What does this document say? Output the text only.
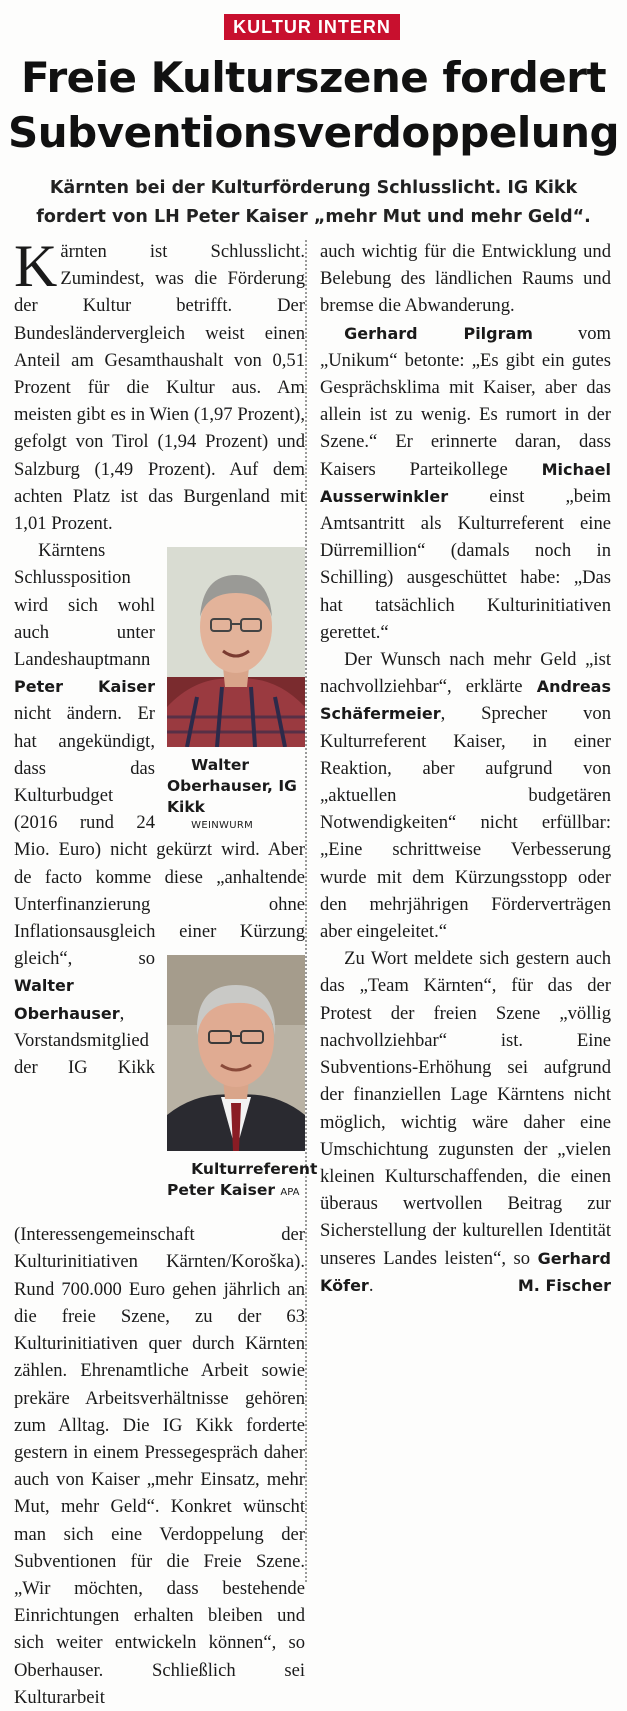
KULTUR INTERN
Freie Kulturszene fordert
Subventionsverdoppelung
Kärnten bei der Kulturförderung Schlusslicht. IG Kikk
fordert von LH Peter Kaiser „mehr Mut und mehr Geld“.

Kärnten ist Schlusslicht. Zumindest, was die Förderung der Kultur betrifft. Der Bundesländervergleich weist einen Anteil am Gesamthaushalt von 0,51 Prozent für die Kultur aus. Am meisten gibt es in Wien (1,97 Prozent), gefolgt von Tirol (1,94 Prozent) und Salzburg (1,49 Prozent). Auf dem achten Platz ist das Burgenland mit 1,01 Prozent.

Walter Oberhauser, IG Kikk
WEINWURM
Kärntens Schlussposition wird sich wohl auch unter Landeshauptmann Peter Kaiser nicht ändern. Er hat angekündigt, dass das Kulturbudget (2016 rund 24 Mio. Euro) nicht gekürzt wird. Aber de facto komme diese „anhaltende Unterfinanzierung ohne Inflationsausgleich einer Kürzung gleich“, so
Kulturreferent Peter Kaiser APA
Walter Oberhauser, Vorstandsmitglied der IG Kikk (Interessengemeinschaft der Kulturinitiativen Kärnten/Koroška). Rund 700.000 Euro gehen jährlich an die freie Szene, zu der 63 Kulturinitiativen quer durch Kärnten zählen. Ehrenamtliche Arbeit sowie prekäre Arbeitsverhältnisse gehören zum Alltag. Die IG Kikk forderte gestern in einem Pressegespräch daher auch von Kaiser „mehr Einsatz, mehr Mut, mehr Geld“. Konkret wünscht man sich eine Verdoppelung der Subventionen für die Freie Szene. „Wir möchten, dass bestehende Einrichtungen erhalten bleiben und sich weiter entwickeln können“, so Oberhauser. Schließlich sei Kulturarbeit

auch wichtig für die Entwicklung und Belebung des ländlichen Raums und bremse die Abwanderung.

Gerhard Pilgram vom „Unikum“ betonte: „Es gibt ein gutes Gesprächsklima mit Kaiser, aber das allein ist zu wenig. Es rumort in der Szene.“ Er erinnerte daran, dass Kaisers Parteikollege Michael Ausserwinkler einst „beim Amtsantritt als Kulturreferent eine Dürremillion“ (damals noch in Schilling) ausgeschüttet habe: „Das hat tatsächlich Kulturinitiativen gerettet.“

Der Wunsch nach mehr Geld „ist nachvollziehbar“, erklärte Andreas Schäfermeier, Sprecher von Kulturreferent Kaiser, in einer Reaktion, aber aufgrund von „aktuellen budgetären Notwendigkeiten“ nicht erfüllbar: „Eine schrittweise Verbesserung wurde mit dem Kürzungsstopp oder den mehrjährigen Förderverträgen aber eingeleitet.“

Zu Wort meldete sich gestern auch das „Team Kärnten“, für das der Protest der freien Szene „völlig nachvollziehbar“ ist. Eine Subventions-Erhöhung sei aufgrund der finanziellen Lage Kärntens nicht möglich, wichtig wäre daher eine Umschichtung zugunsten der „vielen kleinen Kulturschaffenden, die einen überaus wertvollen Beitrag zur Sicherstellung der kulturellen Identität unseres Landes leisten“, so Gerhard Köfer.	M. Fischer
